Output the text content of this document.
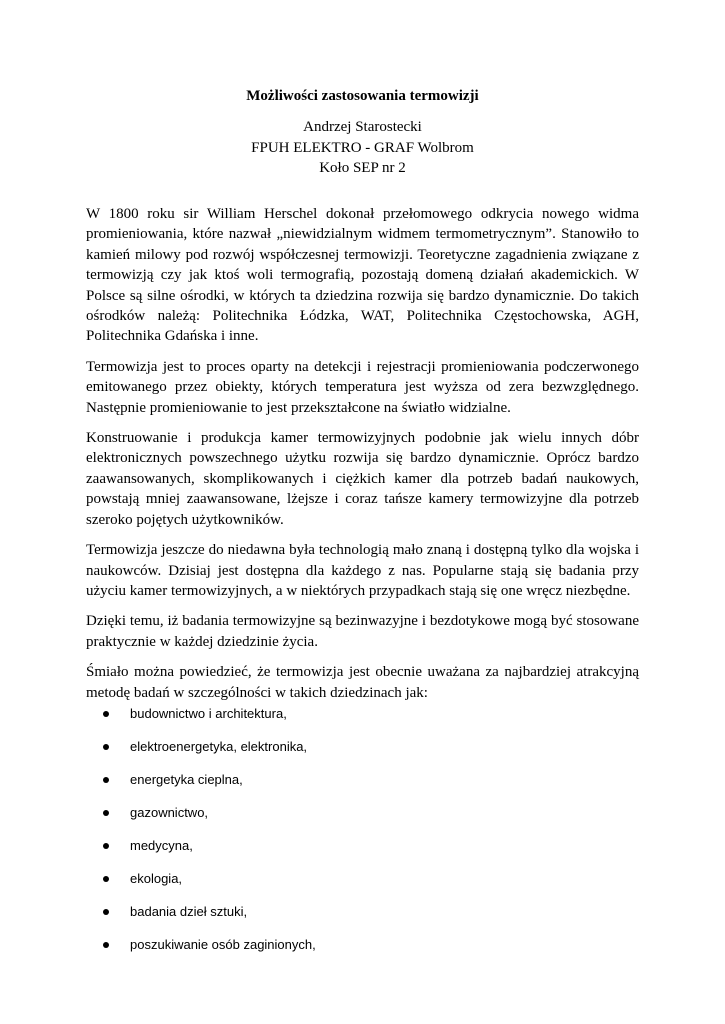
Możliwości zastosowania termowizji
Andrzej Starostecki
FPUH ELEKTRO - GRAF Wolbrom
Koło SEP nr 2

W 1800 roku sir William Herschel dokonał przełomowego odkrycia nowego widma promieniowania, które nazwał „niewidzialnym widmem termometrycznym”. Stanowiło to kamień milowy pod rozwój współczesnej termowizji. Teoretyczne zagadnienia związane z termowizją czy jak ktoś woli termografią, pozostają domeną działań akademickich. W Polsce są silne ośrodki, w których ta dziedzina rozwija się bardzo dynamicznie. Do takich ośrodków należą: Politechnika Łódzka, WAT, Politechnika Częstochowska, AGH, Politechnika Gdańska i inne.

Termowizja jest to proces oparty na detekcji i rejestracji promieniowania podczerwonego emitowanego przez obiekty, których temperatura jest wyższa od zera bezwzględnego. Następnie promieniowanie to jest przekształcone na światło widzialne.

Konstruowanie i produkcja kamer termowizyjnych podobnie jak wielu innych dóbr elektronicznych powszechnego użytku rozwija się bardzo dynamicznie. Oprócz bardzo zaawansowanych, skomplikowanych i ciężkich kamer dla potrzeb badań naukowych, powstają mniej zaawansowane, lżejsze i coraz tańsze kamery termowizyjne dla potrzeb szeroko pojętych użytkowników.

Termowizja jeszcze do niedawna była technologią mało znaną i dostępną tylko dla wojska i naukowców. Dzisiaj jest dostępna dla każdego z nas. Popularne stają się badania przy użyciu kamer termowizyjnych, a w niektórych przypadkach stają się one wręcz niezbędne.

Dzięki temu, iż badania termowizyjne są bezinwazyjne i bezdotykowe mogą być stosowane praktycznie w każdej dziedzinie życia.

Śmiało można powiedzieć, że termowizja jest obecnie uważana za najbardziej atrakcyjną metodę badań w szczególności w takich dziedzinach jak:

budownictwo i architektura,
elektroenergetyka, elektronika,
energetyka cieplna,
gazownictwo,
medycyna,
ekologia,
badania dzieł sztuki,
poszukiwanie osób zaginionych,
